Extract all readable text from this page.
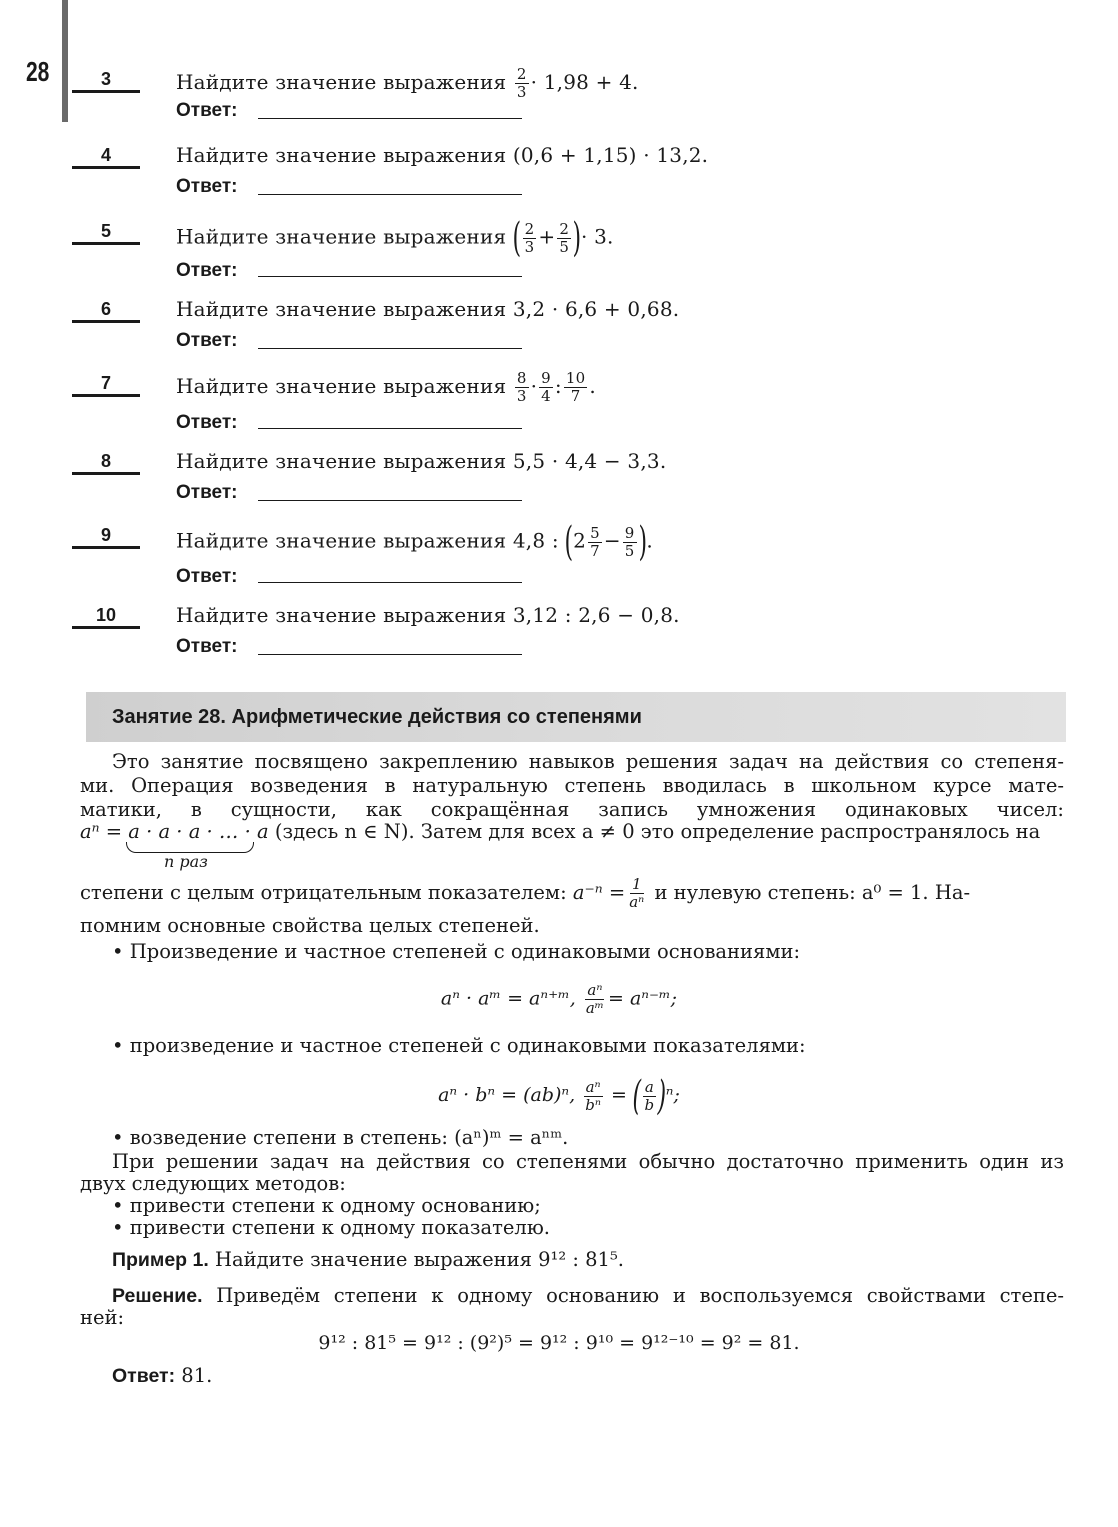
28	3	Найдите значение выражения $\frac{2}{3} \cdot 1,98 + 4$.
Ответ:
4	Найдите значение выражения (0,6 + 1,15) · 13,2.
Ответ:
5	Найдите значение выражения ( $\frac{2}{3} + \frac{2}{5}$ )· 3.
Ответ:
6	Найдите значение выражения 3,2 · 6,6 + 0,68.
Ответ:
7	Найдите значение выражения $\frac{8}{3} \cdot \frac{9}{4}$ : $\frac{10}{7}$ .
Ответ:
8	Найдите значение выражения 5,5 · 4,4 − 3,3.
Ответ:
9	Найдите значение выражения 4,8 : ($2 \frac{5}{7} - \frac{9}{5}$ ).
Ответ:
10	Найдите значение выражения 3,12 : 2,6 − 0,8.
Ответ:
Занятие 28. Арифметические действия со степенями
Это занятие посвящено закреплению навыков решения задач на действия со степеня-
ми. Операция возведения в натуральную степень вводилась в школьном курсе мате-
матики, в сущности, как сокращённая запись умножения одинаковых чисел:
aⁿ = a · a · a · … · a (здесь n ∈ N). Затем для всех a ≠ 0 это определение распространялось на
n раз
степени с целым отрицательным показателем: $a^{-n} = \frac{1}{\text{aⁿ}}$ и нулевую степень: a⁰ = 1. На-
помним основные свойства целых степеней.
• Произведение и частное степеней с одинаковыми основаниями:
aⁿ · aᵐ = aⁿ⁺ᵐ, $\frac{\text{aⁿ}}{\text{aᵐ}}$ = aⁿ⁻ᵐ;
• произведение и частное степеней с одинаковыми показателями:
aⁿ · bⁿ = (ab)ⁿ, $\frac{\text{aⁿ}}{\text{bⁿ}}$ = ( $\frac{a}{b} )^n$;
• возведение степени в степень: (aⁿ)ᵐ = aⁿᵐ.
При решении задач на действия со степенями обычно достаточно применить один из
двух следующих методов:
• привести степени к одному основанию;
• привести степени к одному показателю.
Пример 1. Найдите значение выражения 9¹² : 81⁵.
Решение. Приведём степени к одному основанию и воспользуемся свойствами степе-
ней:
9¹² : 81⁵ = 9¹² : (9²)⁵ = 9¹² : 9¹⁰ = 9¹²⁻¹⁰ = 9² = 81.
Ответ: 81.
